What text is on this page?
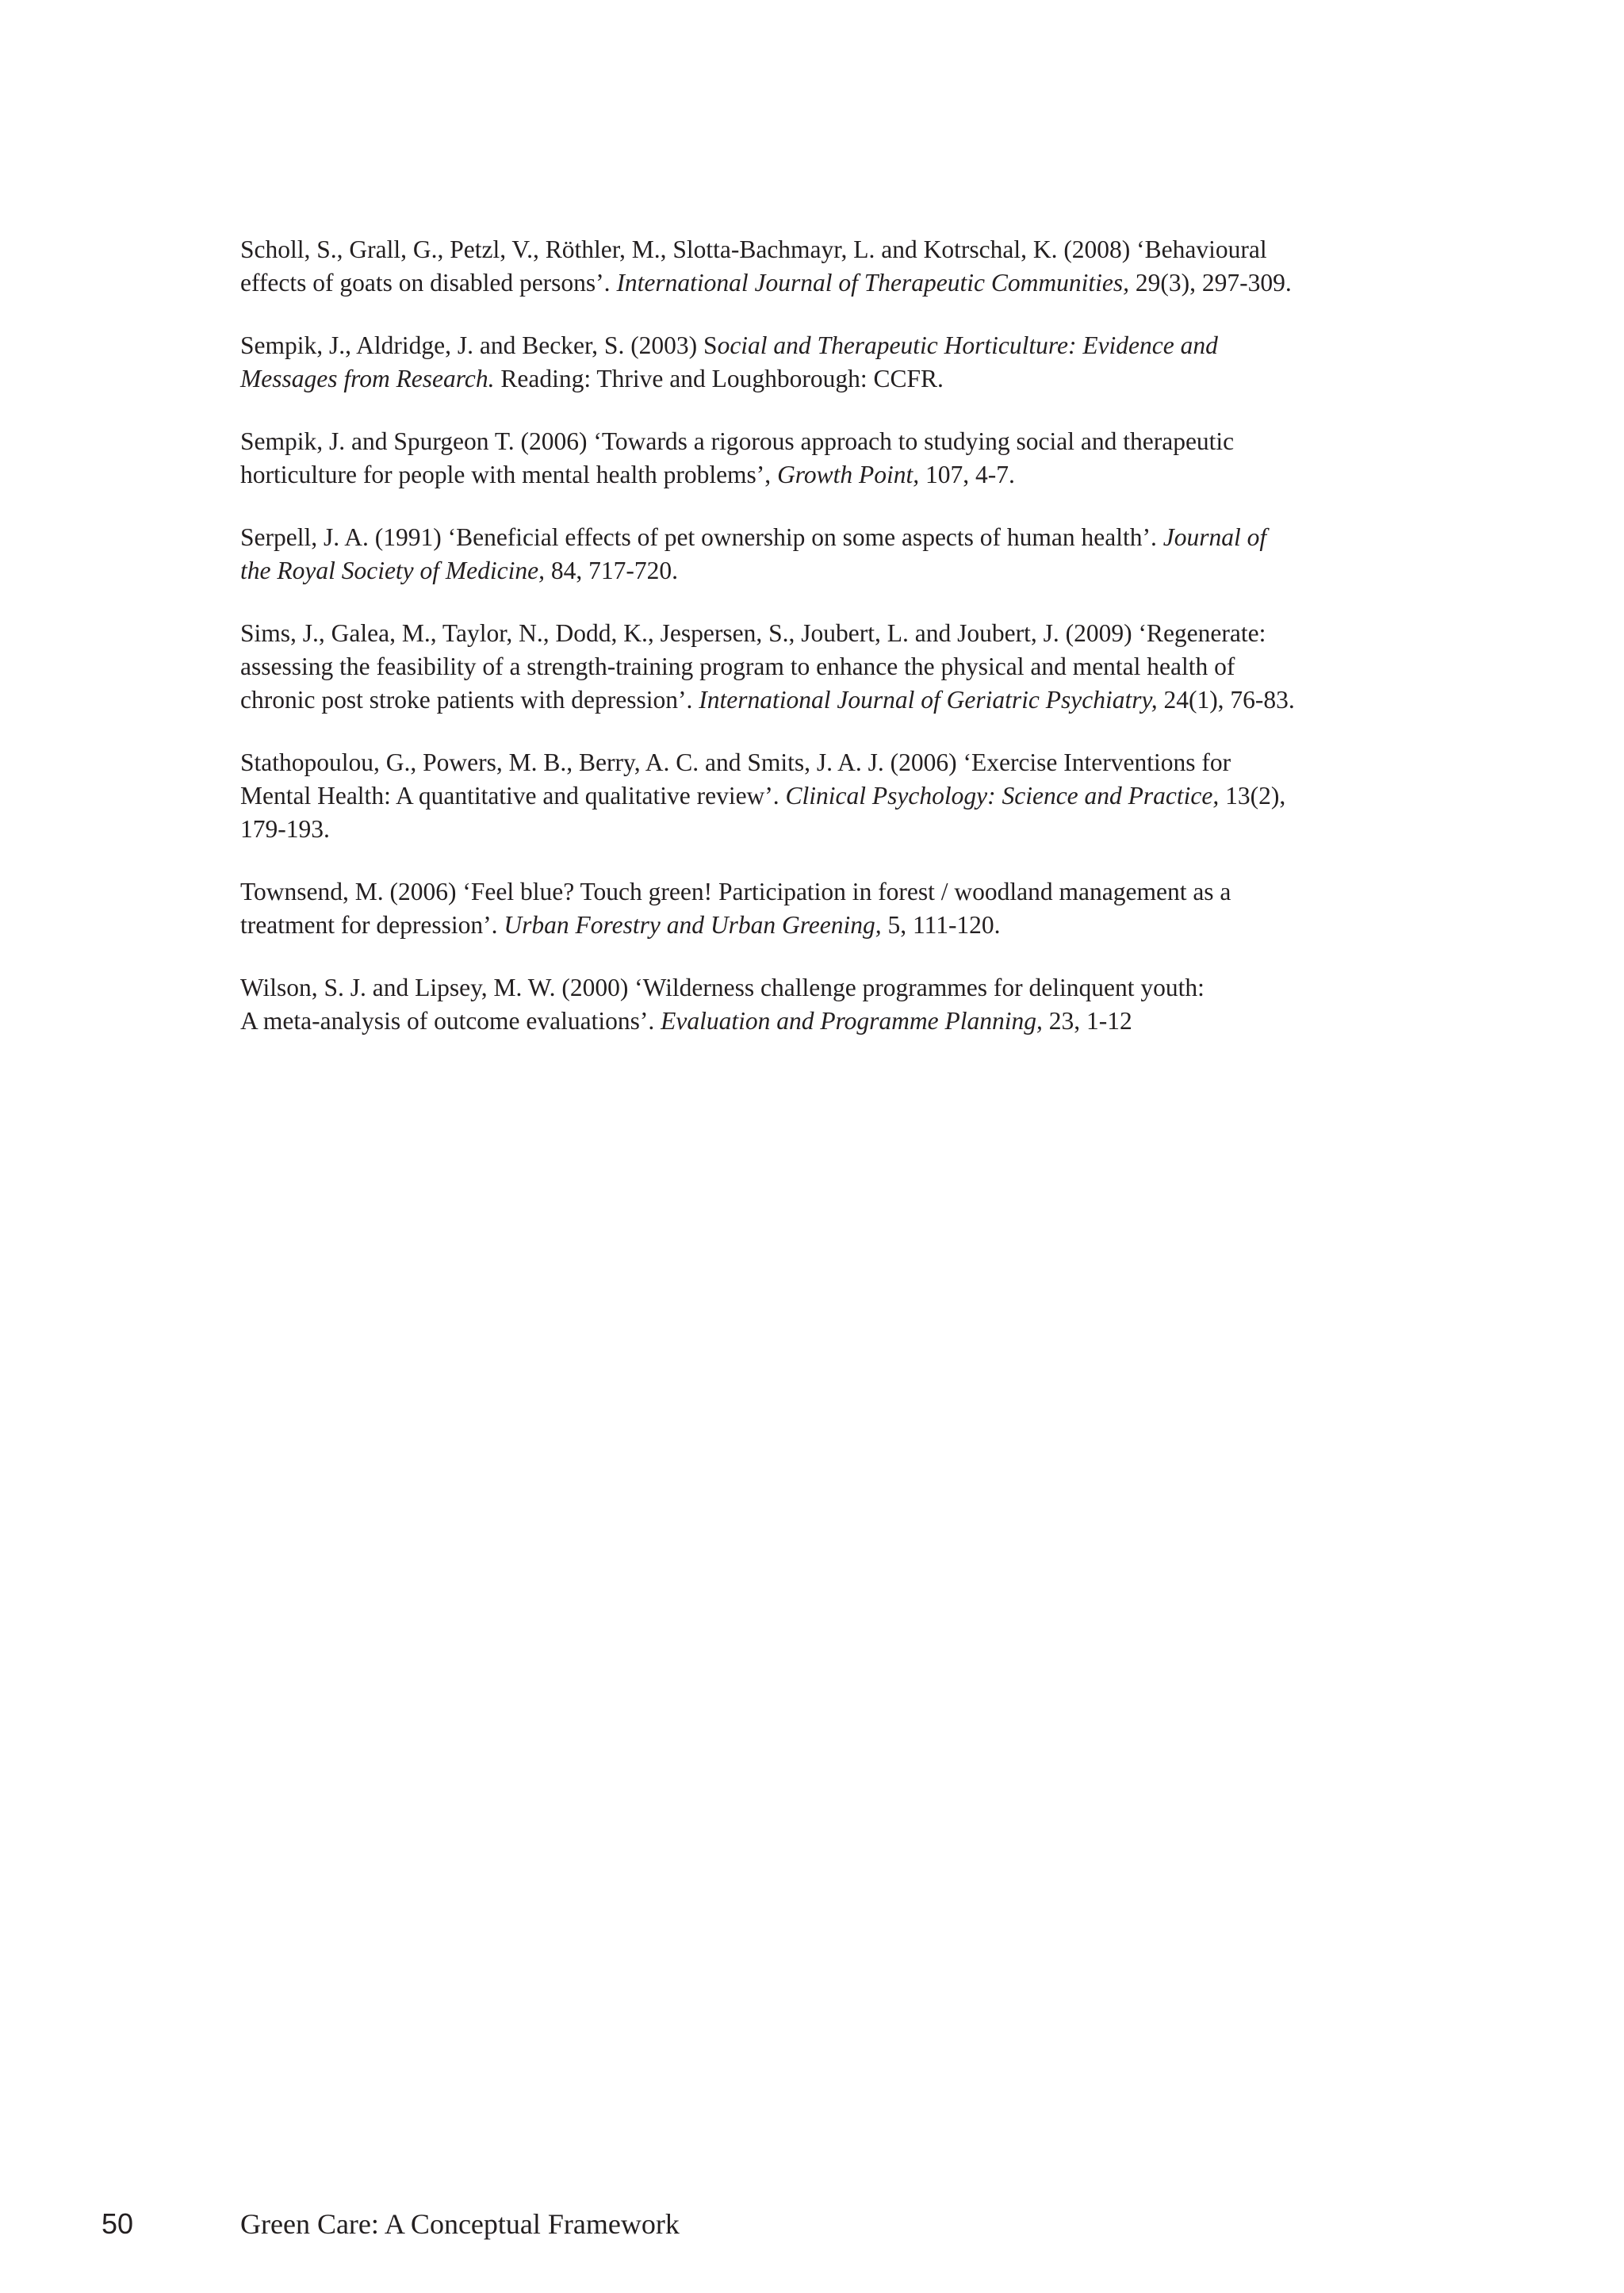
Scholl, S., Grall, G., Petzl, V., Röthler, M., Slotta-Bachmayr, L. and Kotrschal, K. (2008) ‘Behavioural
effects of goats on disabled persons’. International Journal of Therapeutic Communities, 29(3), 297-309.

Sempik, J., Aldridge, J. and Becker, S. (2003) Social and Therapeutic Horticulture: Evidence and
Messages from Research. Reading: Thrive and Loughborough: CCFR.

Sempik, J. and Spurgeon T. (2006) ‘Towards a rigorous approach to studying social and therapeutic
horticulture for people with mental health problems’, Growth Point, 107, 4-7.

Serpell, J. A. (1991) ‘Beneficial effects of pet ownership on some aspects of human health’. Journal of
the Royal Society of Medicine, 84, 717-720.

Sims, J., Galea, M., Taylor, N., Dodd, K., Jespersen, S., Joubert, L. and Joubert, J. (2009) ‘Regenerate:
assessing the feasibility of a strength-training program to enhance the physical and mental health of
chronic post stroke patients with depression’. International Journal of Geriatric Psychiatry, 24(1), 76-83.

Stathopoulou, G., Powers, M. B., Berry, A. C. and Smits, J. A. J. (2006) ‘Exercise Interventions for
Mental Health: A quantitative and qualitative review’. Clinical Psychology: Science and Practice, 13(2),
179-193.

Townsend, M. (2006) ‘Feel blue? Touch green! Participation in forest / woodland management as a
treatment for depression’. Urban Forestry and Urban Greening, 5, 111-120.

Wilson, S. J. and Lipsey, M. W. (2000) ‘Wilderness challenge programmes for delinquent youth:
A meta-analysis of outcome evaluations’. Evaluation and Programme Planning, 23, 1-12

50	Green Care: A Conceptual Framework
